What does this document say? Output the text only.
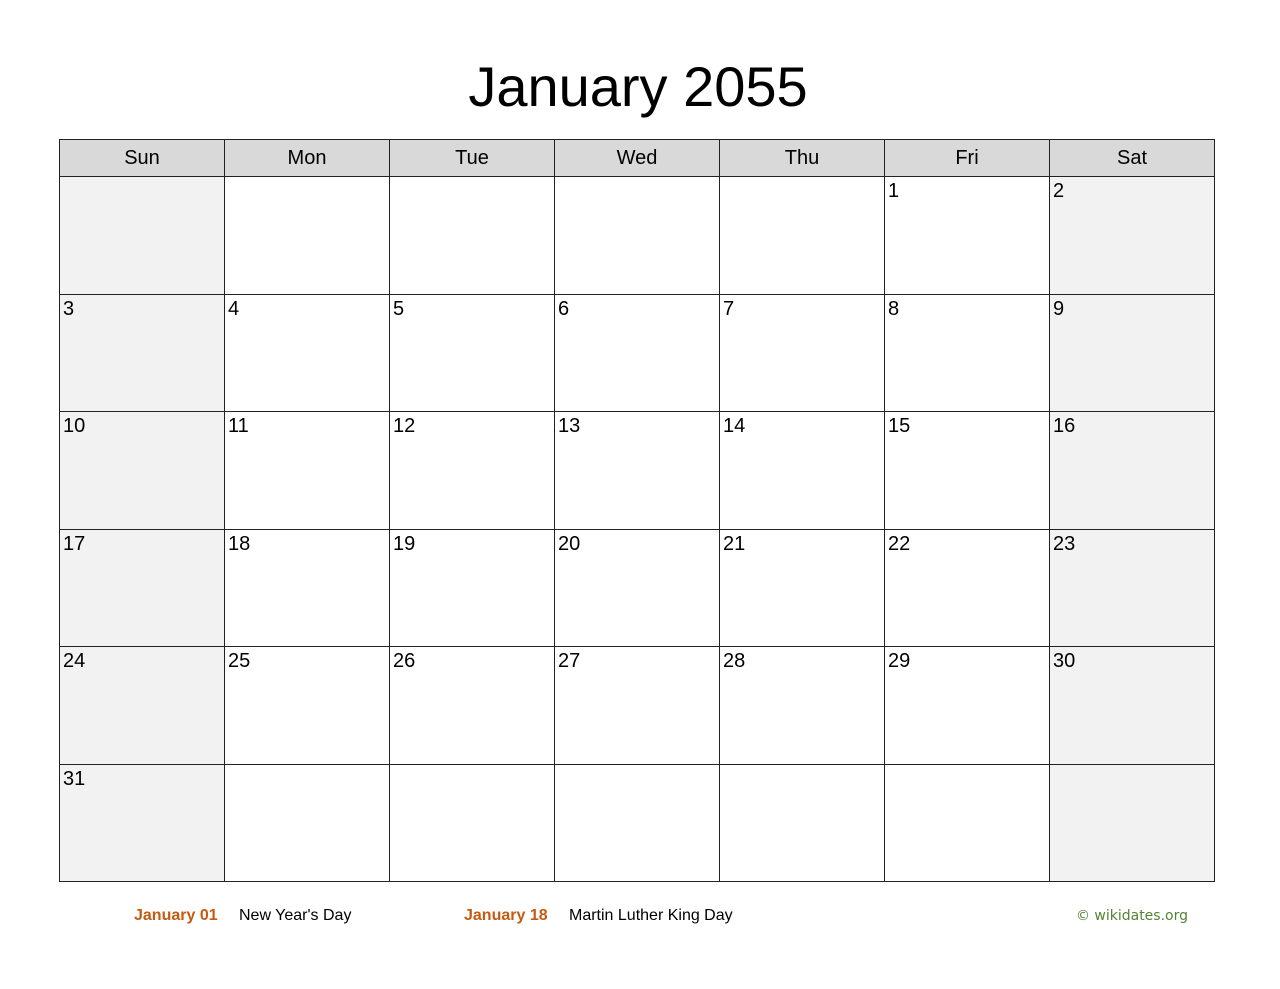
January 2055
Sun	Mon	Tue	Wed	Thu	Fri	Sat

					1	2

3	4	5	6	7	8	9

10	11	12	13	14	15	16

17	18	19	20	21	22	23

24	25	26	27	28	29	30

31						

January 01 New Year's Day	January 18 Martin Luther King Day	© wikidates.org
